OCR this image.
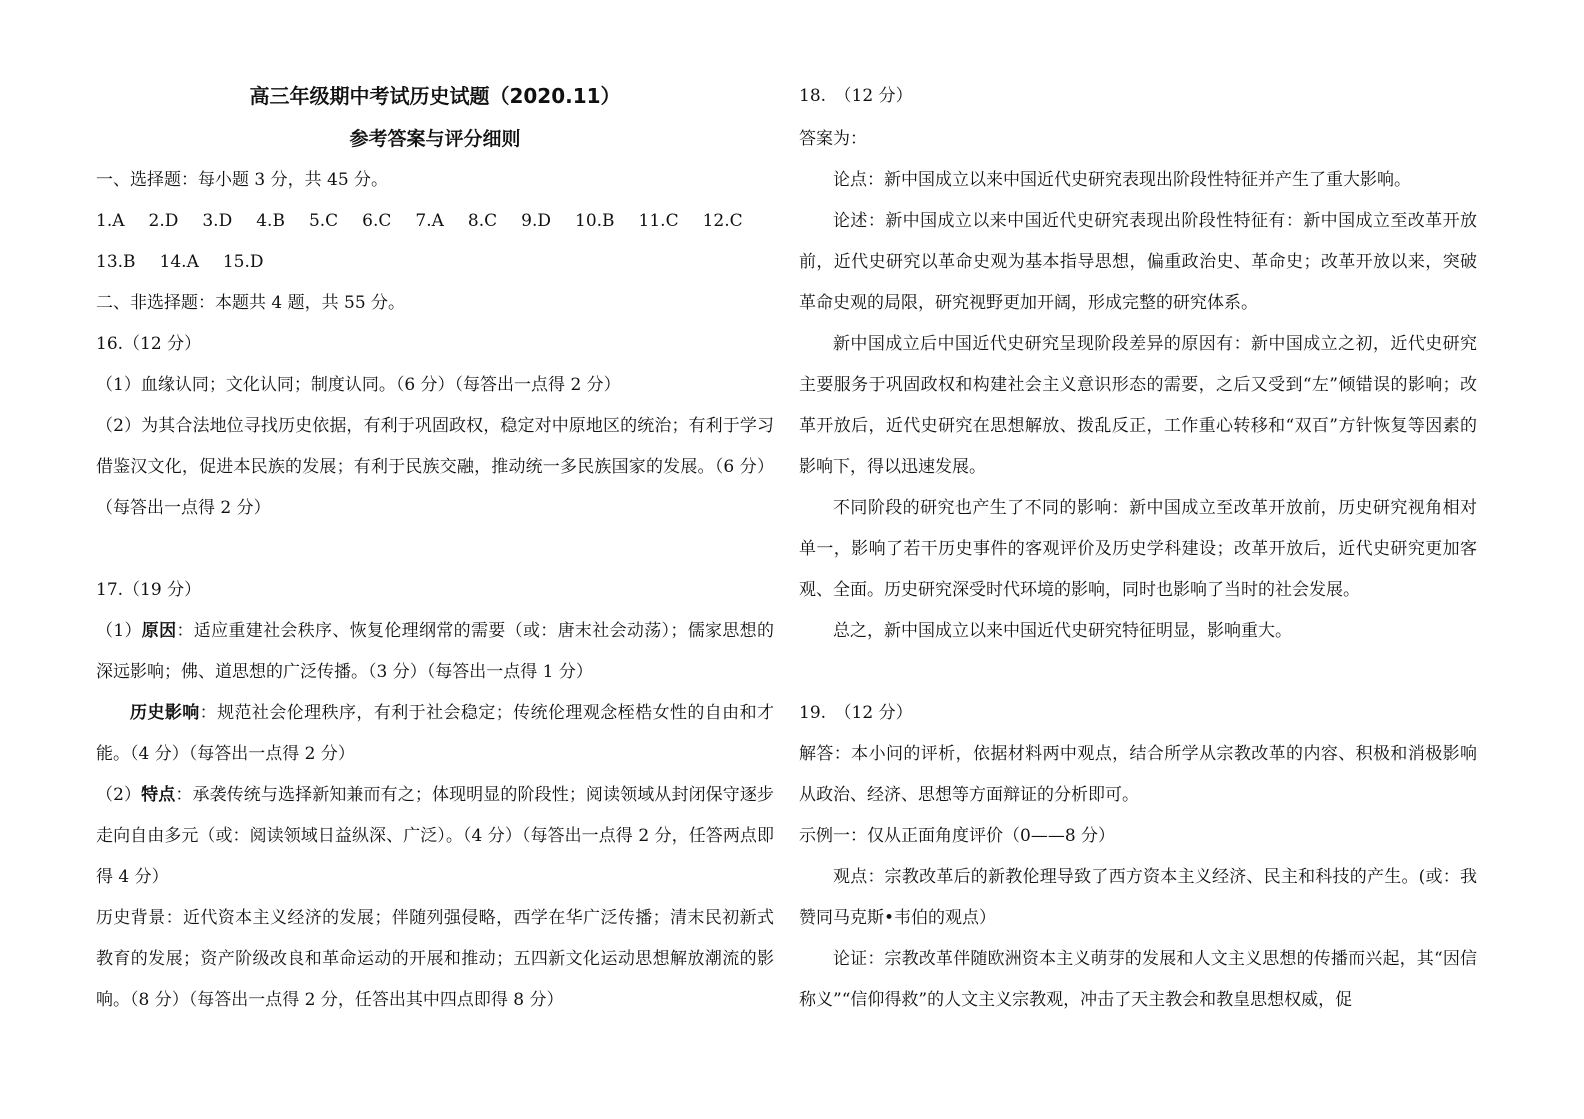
高三年级期中考试历史试题（2020.11）

参考答案与评分细则

一、选择题：每小题 3 分，共 45 分。

1.A 2.D 3.D 4.B 5.C 6.C 7.A 8.C 9.D 10.B 11.C 12.C
13.B 14.A 15.D

二、非选择题：本题共 4 题，共 55 分。

16.（12 分）

（1）血缘认同；文化认同；制度认同。（6 分）（每答出一点得 2 分）

（2）为其合法地位寻找历史依据，有利于巩固政权，稳定对中原地区的统治；有利于学习借鉴汉文化，促进本民族的发展；有利于民族交融，推动统一多民族国家的发展。（6 分）（每答出一点得 2 分）

17.（19 分）

（1）原因：适应重建社会秩序、恢复伦理纲常的需要（或：唐末社会动荡）；儒家思想的深远影响；佛、道思想的广泛传播。（3 分）（每答出一点得 1 分）

历史影响：规范社会伦理秩序，有利于社会稳定；传统伦理观念桎梏女性的自由和才能。（4 分）（每答出一点得 2 分）

（2）特点：承袭传统与选择新知兼而有之；体现明显的阶段性；阅读领域从封闭保守逐步走向自由多元（或：阅读领域日益纵深、广泛）。（4 分）（每答出一点得 2 分，任答两点即得 4 分）

历史背景：近代资本主义经济的发展；伴随列强侵略，西学在华广泛传播；清末民初新式教育的发展；资产阶级改良和革命运动的开展和推动；五四新文化运动思想解放潮流的影响。（8 分）（每答出一点得 2 分，任答出其中四点即得 8 分）

18.　（12 分）

答案为：

论点：新中国成立以来中国近代史研究表现出阶段性特征并产生了重大影响。

论述：新中国成立以来中国近代史研究表现出阶段性特征有：新中国成立至改革开放前，近代史研究以革命史观为基本指导思想，偏重政治史、革命史；改革开放以来，突破革命史观的局限，研究视野更加开阔，形成完整的研究体系。

新中国成立后中国近代史研究呈现阶段差异的原因有：新中国成立之初，近代史研究主要服务于巩固政权和构建社会主义意识形态的需要，之后又受到“左”倾错误的影响；改革开放后，近代史研究在思想解放、拨乱反正，工作重心转移和“双百”方针恢复等因素的影响下，得以迅速发展。

不同阶段的研究也产生了不同的影响：新中国成立至改革开放前，历史研究视角相对单一，影响了若干历史事件的客观评价及历史学科建设；改革开放后，近代史研究更加客观、全面。历史研究深受时代环境的影响，同时也影响了当时的社会发展。

总之，新中国成立以来中国近代史研究特征明显，影响重大。

19.　（12 分）

解答：本小问的评析，依据材料两中观点，结合所学从宗教改革的内容、积极和消极影响从政治、经济、思想等方面辩证的分析即可。

示例一：仅从正面角度评价（0——8 分）

观点：宗教改革后的新教伦理导致了西方资本主义经济、民主和科技的产生。(或：我赞同马克斯•韦伯的观点）

论证：宗教改革伴随欧洲资本主义萌芽的发展和人文主义思想的传播而兴起，其“因信称义”“信仰得救”的人文主义宗教观，冲击了天主教会和教皇思想权威，促
